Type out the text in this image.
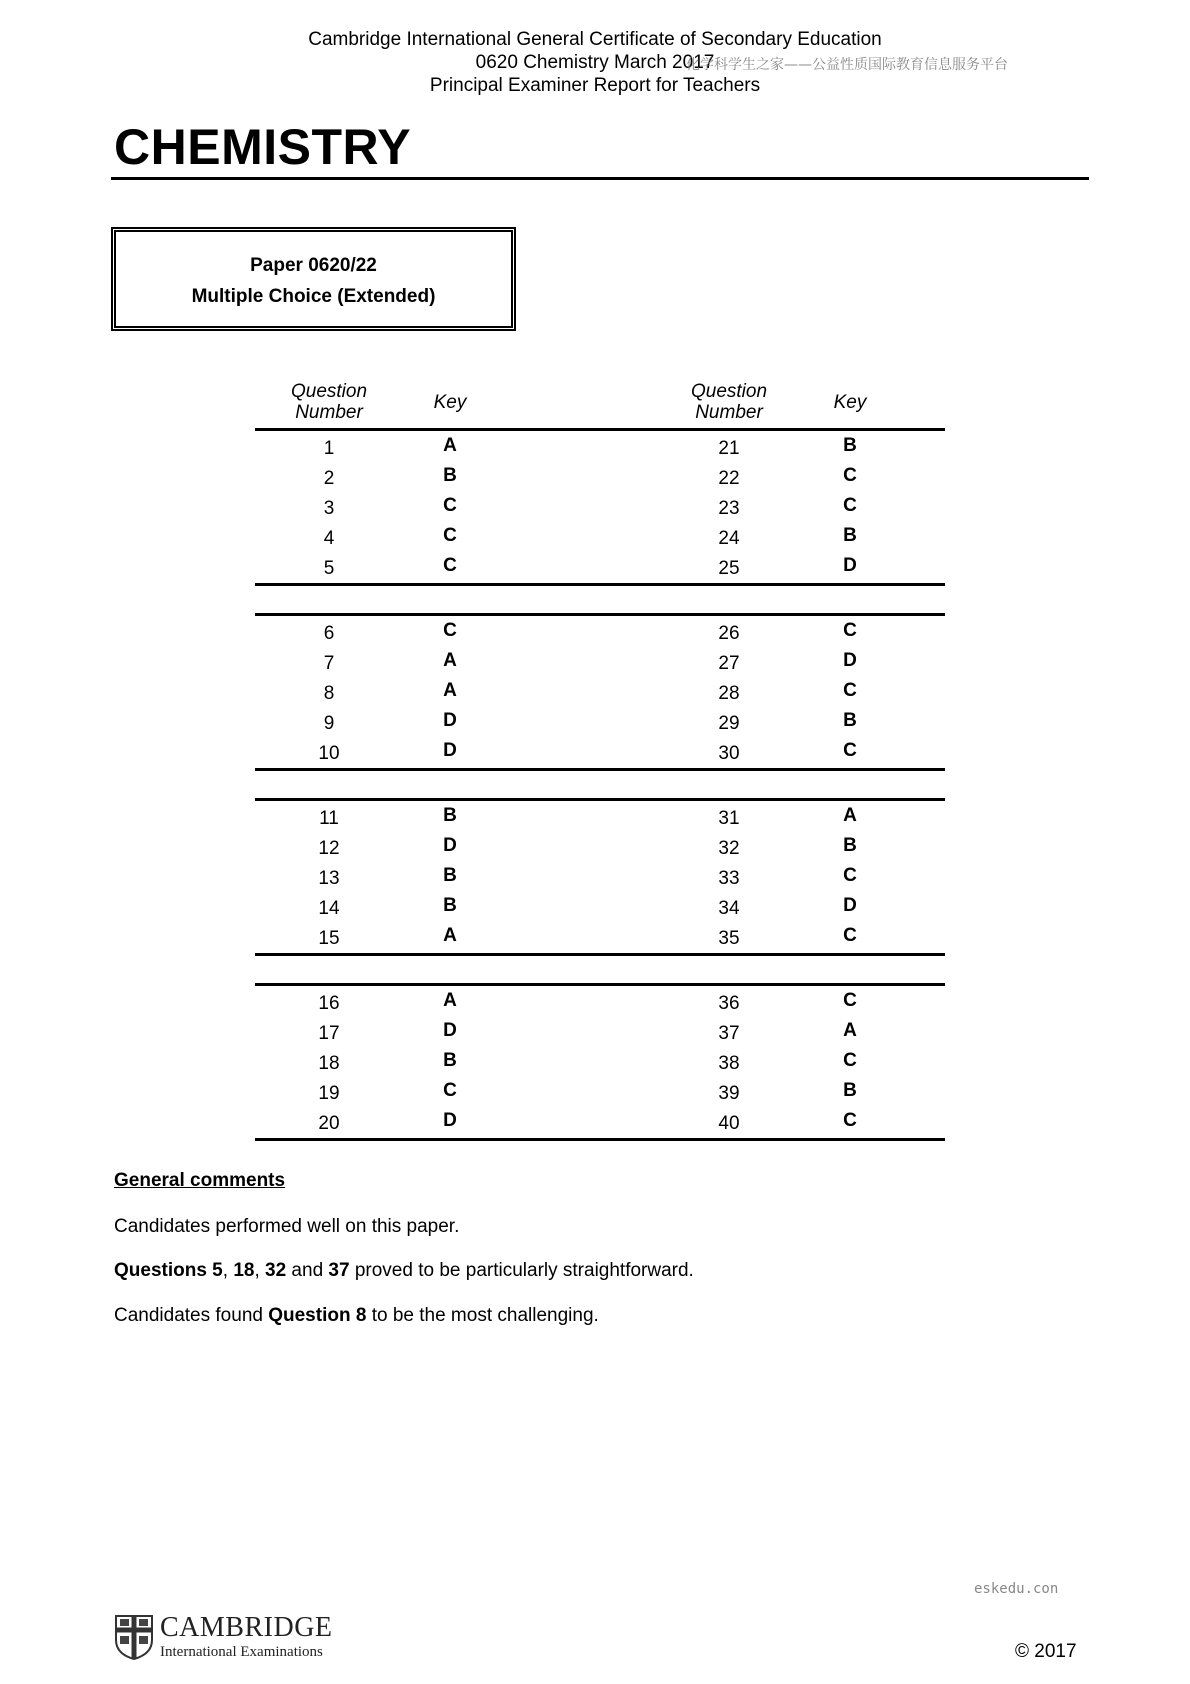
Cambridge International General Certificate of Secondary Education
0620 Chemistry March 2017
Principal Examiner Report for Teachers
化学科学生之家——公益性质国际教育信息服务平台
CHEMISTRY
Paper 0620/22
Multiple Choice (Extended)
Question Number	Key
Question Number	Key
1	A	21	B
2	B	22	C
3	C	23	C
4	C	24	B
5	C	25	D
6	C	26	C
7	A	27	D
8	A	28	C
9	D	29	B
10	D	30	C
11	B	31	A
12	D	32	B
13	B	33	C
14	B	34	D
15	A	35	C
16	A	36	C
17	D	37	A
18	B	38	C
19	C	39	B
20	D	40	C
General comments

Candidates performed well on this paper.

Questions 5, 18, 32 and 37 proved to be particularly straightforward.

Candidates found Question 8 to be the most challenging.

eskedu.con
CAMBRIDGE
International Examinations	© 2017
